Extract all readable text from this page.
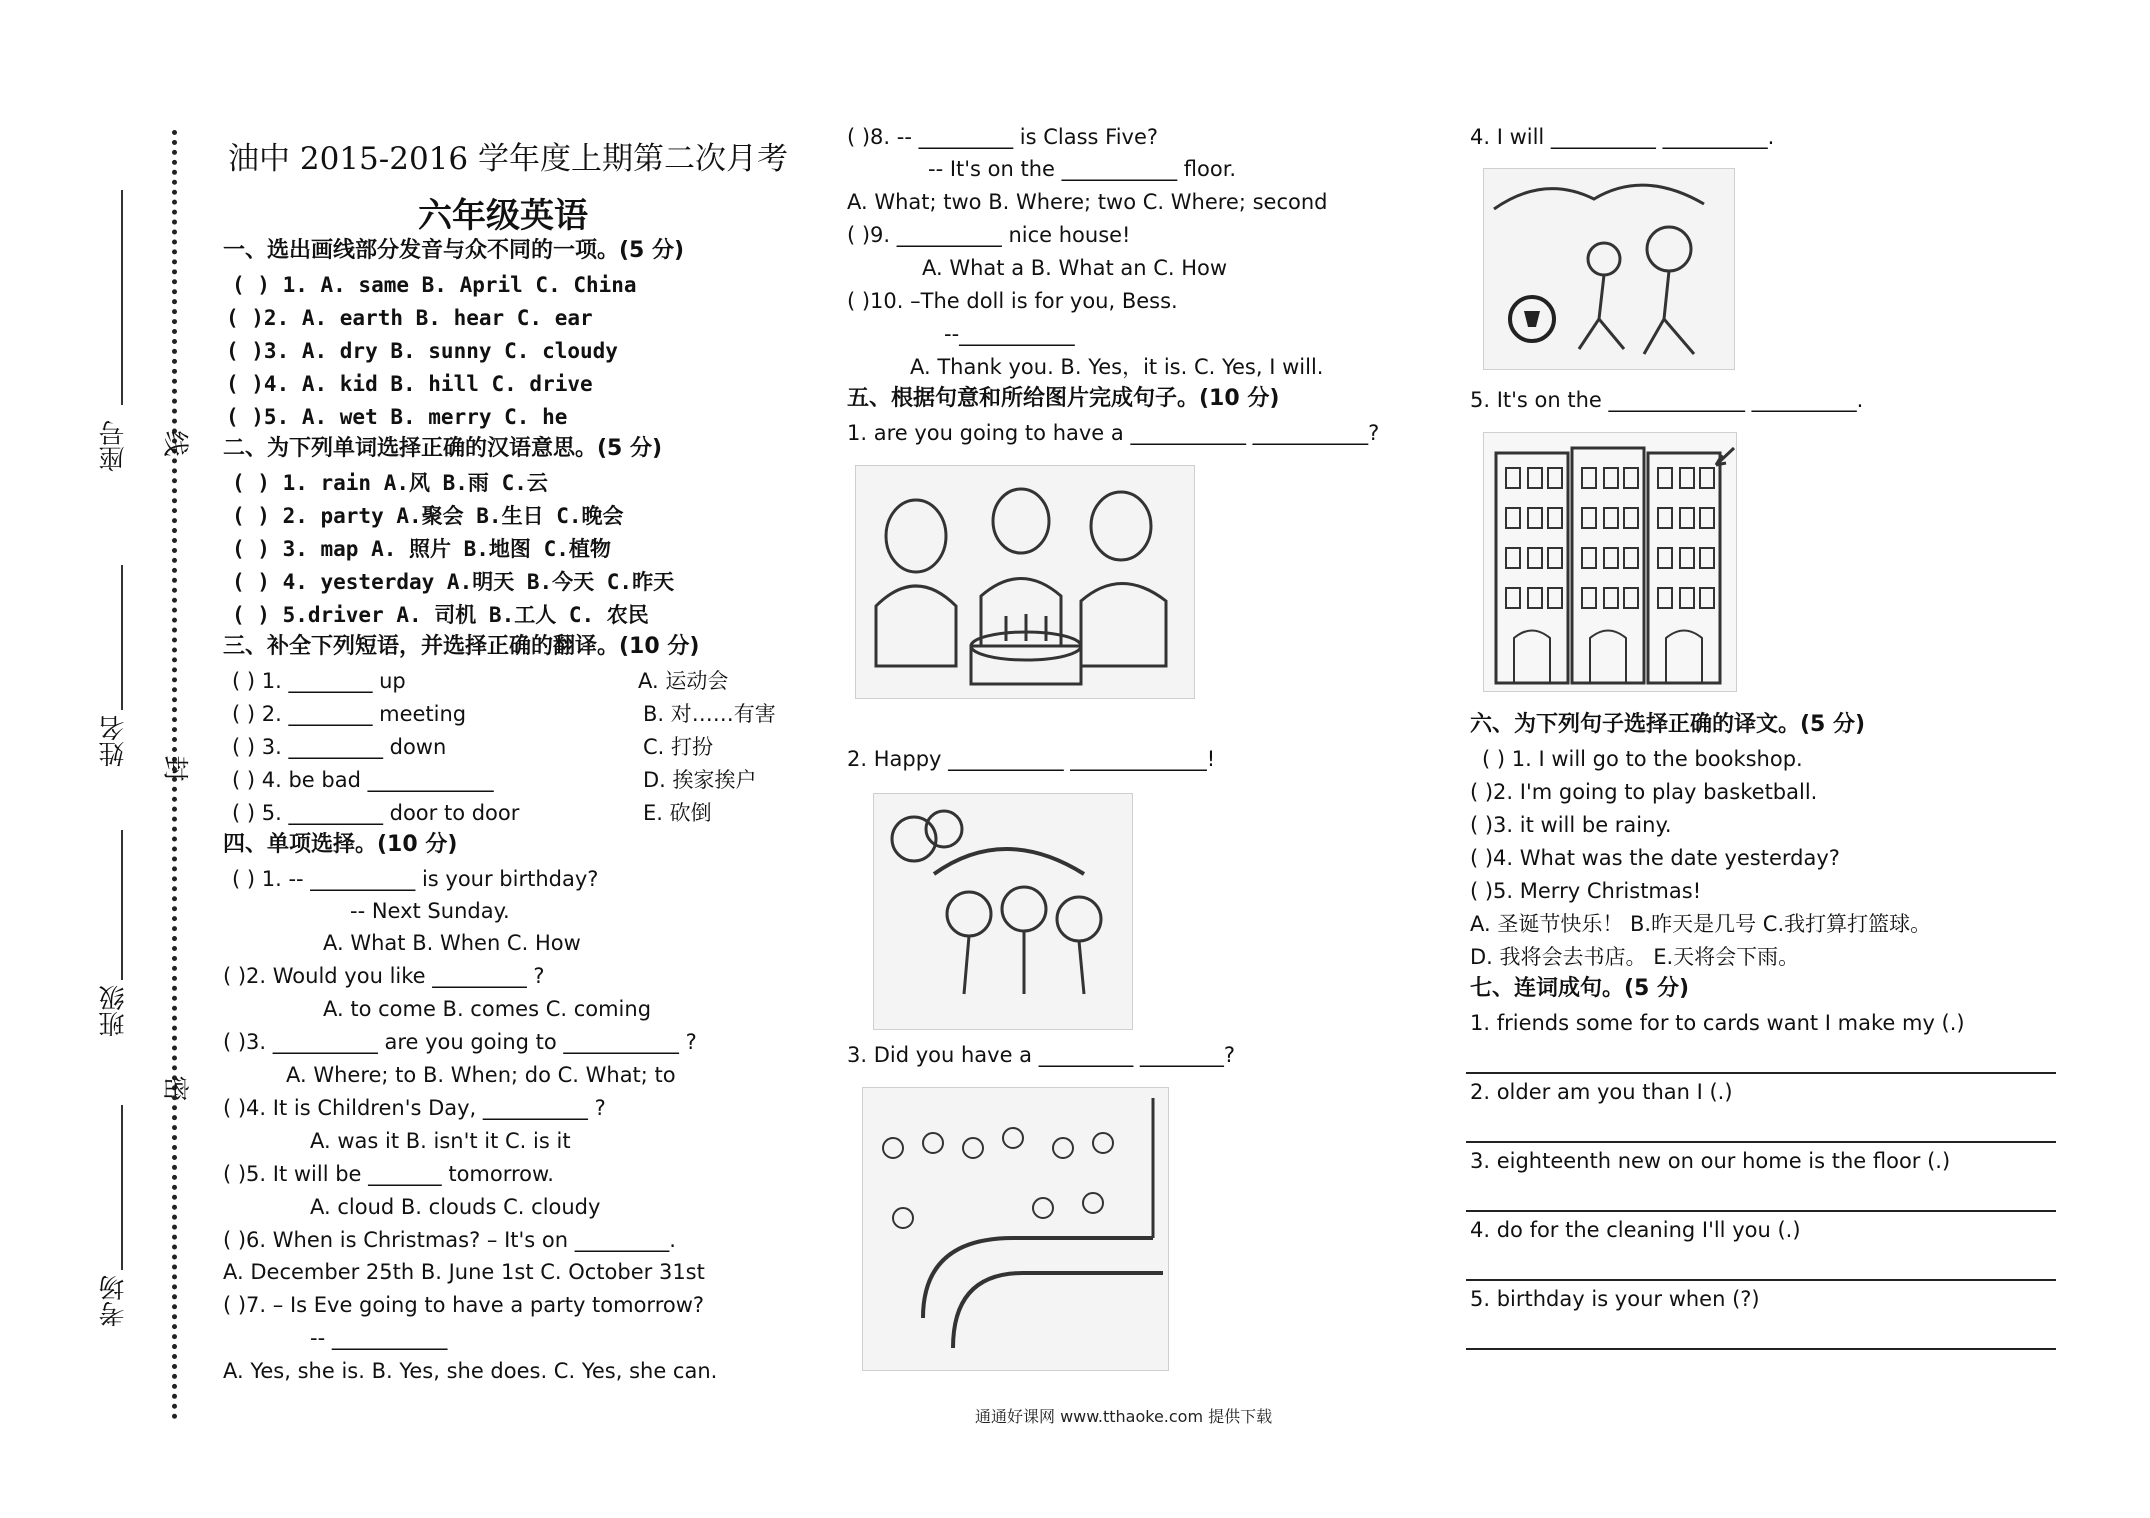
座号
姓名
班级
考场
线
封
密
油中 2015-2016 学年度上期第二次月考
六年级英语
一、选出画线部分发音与众不同的一项。(5 分)
( ) 1. A. same B. April C. China
( )2. A. earth B. hear C. ear
( )3. A. dry B. sunny C. cloudy
( )4. A. kid B. hill C. drive
( )5. A. wet B. merry C. he
二、为下列单词选择正确的汉语意思。(5 分)
( ) 1. rain A.风 B.雨 C.云
( ) 2. party A.聚会 B.生日 C.晚会
( ) 3. map A. 照片 B.地图 C.植物
( ) 4. yesterday A.明天 B.今天 C.昨天
( ) 5.driver A. 司机 B.工人 C. 农民
三、补全下列短语，并选择正确的翻译。(10 分)
( ) 1. ________ up
( ) 2. ________ meeting
( ) 3. _________ down
( ) 4. be bad ____________
( ) 5. _________ door to door
A. 运动会
B. 对……有害
C. 打扮
D. 挨家挨户
E. 砍倒
四、单项选择。(10 分)
( ) 1. -- __________ is your birthday?
-- Next Sunday.
A. What B. When C. How
( )2. Would you like _________ ?
A. to come B. comes C. coming
( )3. __________ are you going to ___________ ?
A. Where; to B. When; do C. What; to
( )4. It is Children's Day, __________ ?
A. was it B. isn't it C. is it
( )5. It will be _______ tomorrow.
A. cloud B. clouds C. cloudy
( )6. When is Christmas? – It's on _________.
A. December 25th B. June 1st C. October 31st
( )7. – Is Eve going to have a party tomorrow?
-- ___________
A. Yes, she is. B. Yes, she does. C. Yes, she can.
( )8. -- _________ is Class Five?
-- It's on the ___________ floor.
A. What; two B. Where; two C. Where; second
( )9. __________ nice house!
A. What a B. What an C. How
( )10. –The doll is for you, Bess.
--___________
A. Thank you. B. Yes，it is. C. Yes, I will.
五、根据句意和所给图片完成句子。(10 分)
1. are you going to have a ___________ ___________?
2. Happy ___________ _____________!
3. Did you have a _________ ________?
4. I will __________ __________.
5. It's on the _____________ __________.
六、为下列句子选择正确的译文。(5 分)
( ) 1. I will go to the bookshop.
( )2. I'm going to play basketball.
( )3. it will be rainy.
( )4. What was the date yesterday?
( )5. Merry Christmas!
A. 圣诞节快乐！ B.昨天是几号 C.我打算打篮球。
D. 我将会去书店。 E.天将会下雨。
七、连词成句。(5 分)
1. friends some for to cards want I make my (.)
2. older am you than I (.)
3. eighteenth new on our home is the floor (.)
4. do for the cleaning I'll you (.)
5. birthday is your when (?)
通通好课网 www.tthaoke.com 提供下载
